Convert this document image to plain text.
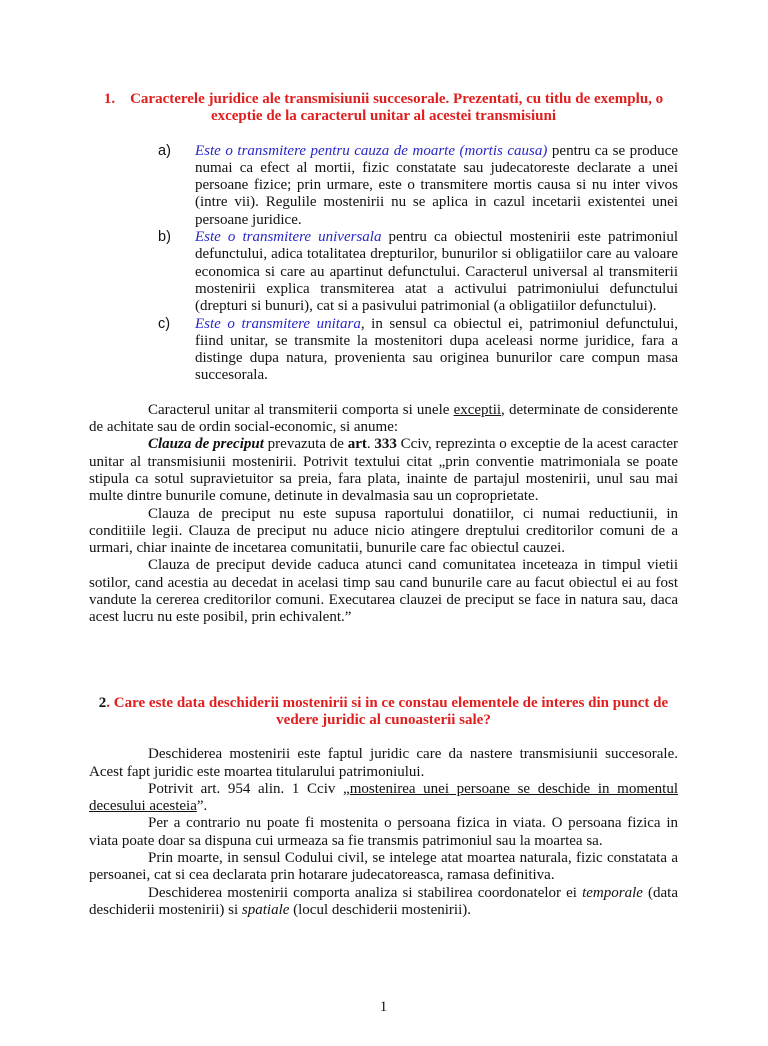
1. Caracterele juridice ale transmisiunii succesorale. Prezentati, cu titlu de exemplu, o exceptie de la caracterul unitar al acestei transmisiuni
a) Este o transmitere pentru cauza de moarte (mortis causa) pentru ca se produce numai ca efect al mortii, fizic constatate sau judecatoreste declarate a unei persoane fizice; prin urmare, este o transmitere mortis causa si nu inter vivos (intre vii). Regulile mostenirii nu se aplica in cazul incetarii existentei unei persoane juridice.
b) Este o transmitere universala pentru ca obiectul mostenirii este patrimoniul defunctului, adica totalitatea drepturilor, bunurilor si obligatiilor care au valoare economica si care au apartinut defunctului. Caracterul universal al transmiterii mostenirii explica transmiterea atat a activului patrimoniului defunctului (drepturi si bunuri), cat si a pasivului patrimonial (a obligatiilor defunctului).
c) Este o transmitere unitara, in sensul ca obiectul ei, patrimoniul defunctului, fiind unitar, se transmite la mostenitori dupa aceleasi norme juridice, fara a distinge dupa natura, provenienta sau originea bunurilor care compun masa succesorala.

Caracterul unitar al transmiterii comporta si unele exceptii, determinate de considerente de achitate sau de ordin social-economic, si anume:

Clauza de preciput prevazuta de art. 333 Cciv, reprezinta o exceptie de la acest caracter unitar al transmisiunii mostenirii. Potrivit textului citat „prin conventie matrimoniala se poate stipula ca sotul supravietuitor sa preia, fara plata, inainte de partajul mostenirii, unul sau mai multe dintre bunurile comune, detinute in devalmasia sau un coproprietate.

Clauza de preciput nu este supusa raportului donatiilor, ci numai reductiunii, in conditiile legii. Clauza de preciput nu aduce nicio atingere dreptului creditorilor comuni de a urmari, chiar inainte de incetarea comunitatii, bunurile care fac obiectul cauzei.

Clauza de preciput devide caduca atunci cand comunitatea inceteaza in timpul vietii sotilor, cand acestia au decedat in acelasi timp sau cand bunurile care au facut obiectul ei au fost vandute la cererea creditorilor comuni. Executarea clauzei de preciput se face in natura sau, daca acest lucru nu este posibil, prin echivalent.”

2. Care este data deschiderii mostenirii si in ce constau elementele de interes din punct de vedere juridic al cunoasterii sale?

Deschiderea mostenirii este faptul juridic care da nastere transmisiunii succesorale. Acest fapt juridic este moartea titularului patrimoniului.

Potrivit art. 954 alin. 1 Cciv „mostenirea unei persoane se deschide in momentul decesului acesteia”.

Per a contrario nu poate fi mostenita o persoana fizica in viata. O persoana fizica in viata poate doar sa dispuna cui urmeaza sa fie transmis patrimoniul sau la moartea sa.

Prin moarte, in sensul Codului civil, se intelege atat moartea naturala, fizic constatata a persoanei, cat si cea declarata prin hotarare judecatoreasca, ramasa definitiva.

Deschiderea mostenirii comporta analiza si stabilirea coordonatelor ei temporale (data deschiderii mostenirii) si spatiale (locul deschiderii mostenirii).

1
